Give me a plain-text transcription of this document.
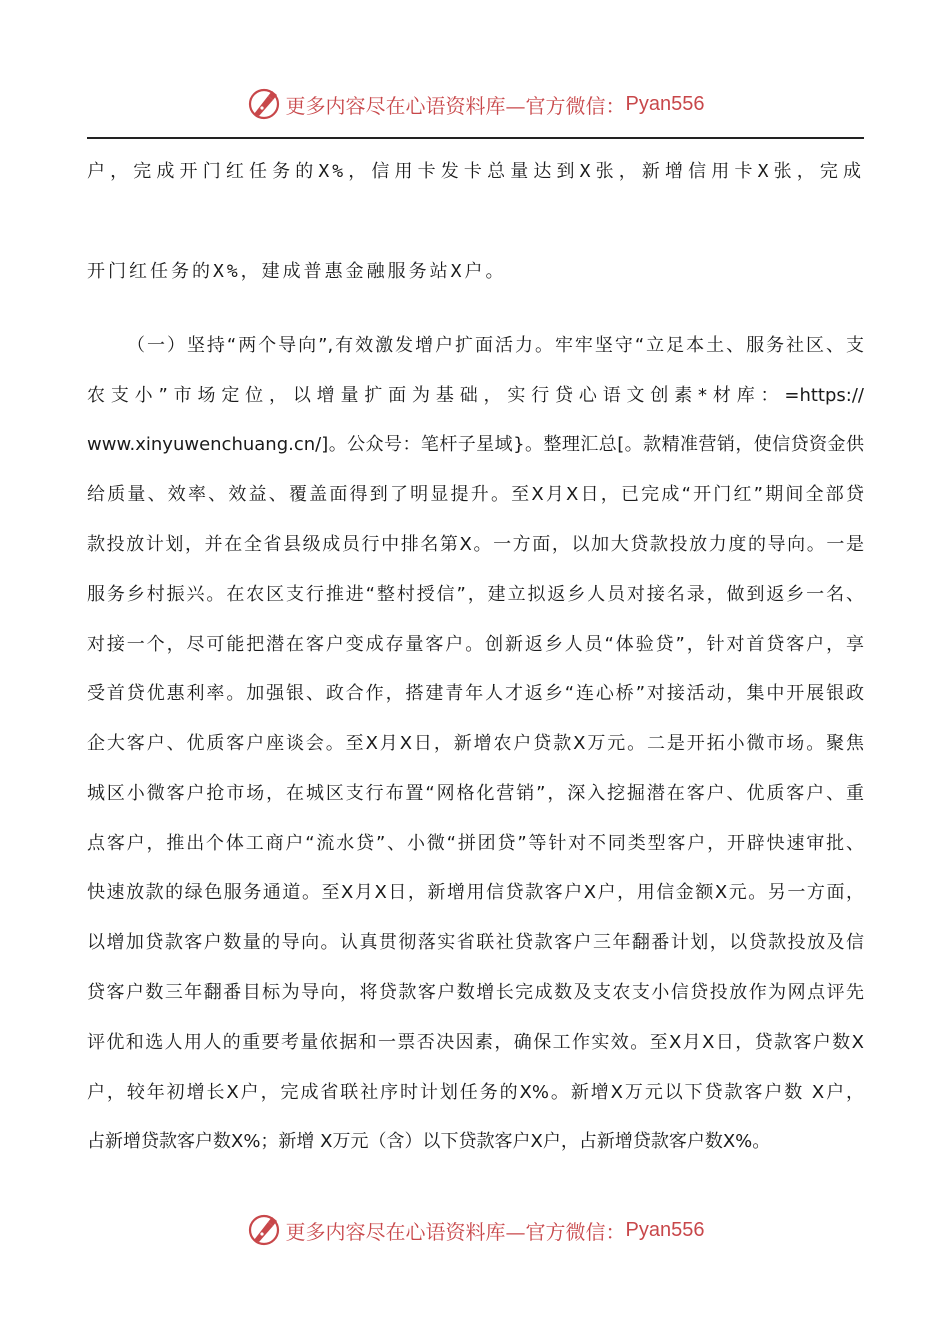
更多内容尽在心语资料库—官方微信： Pyan556
户，完成开门红任务的X%，信用卡发卡总量达到X张，新增信用卡X张，完成
开门红任务的X%，建成普惠金融服务站X户。
（一）坚持“两个导向”,有效激发增户扩面活力。牢牢坚守“立足本土、服务社区、支
农支小”市场定位，以增量扩面为基础，实行贷心语文创素*材库：=https://
www.xinyuwenchuang.cn/]。公众号：笔杆子星域}。整理汇总[。款精准营销，使信贷资金供
给质量、效率、效益、覆盖面得到了明显提升。至X月X日，已完成“开门红”期间全部贷
款投放计划，并在全省县级成员行中排名第X。一方面，以加大贷款投放力度的导向。一是
服务乡村振兴。在农区支行推进“整村授信”，建立拟返乡人员对接名录，做到返乡一名、
对接一个，尽可能把潜在客户变成存量客户。创新返乡人员“体验贷”，针对首贷客户，享
受首贷优惠利率。加强银、政合作，搭建青年人才返乡“连心桥”对接活动，集中开展银政
企大客户、优质客户座谈会。至X月X日，新增农户贷款X万元。二是开拓小微市场。聚焦
城区小微客户抢市场，在城区支行布置“网格化营销”，深入挖掘潜在客户、优质客户、重
点客户，推出个体工商户“流水贷”、小微“拼团贷”等针对不同类型客户，开辟快速审批、
快速放款的绿色服务通道。至X月X日，新增用信贷款客户X户，用信金额X元。另一方面，
以增加贷款客户数量的导向。认真贯彻落实省联社贷款客户三年翻番计划，以贷款投放及信
贷客户数三年翻番目标为导向，将贷款客户数增长完成数及支农支小信贷投放作为网点评先
评优和选人用人的重要考量依据和一票否决因素，确保工作实效。至X月X日，贷款客户数X
户，较年初增长X户，完成省联社序时计划任务的X%。新增X万元以下贷款客户数 X户，
占新增贷款客户数X%；新增 X万元（含）以下贷款客户X户，占新增贷款客户数X%。
更多内容尽在心语资料库—官方微信： Pyan556
